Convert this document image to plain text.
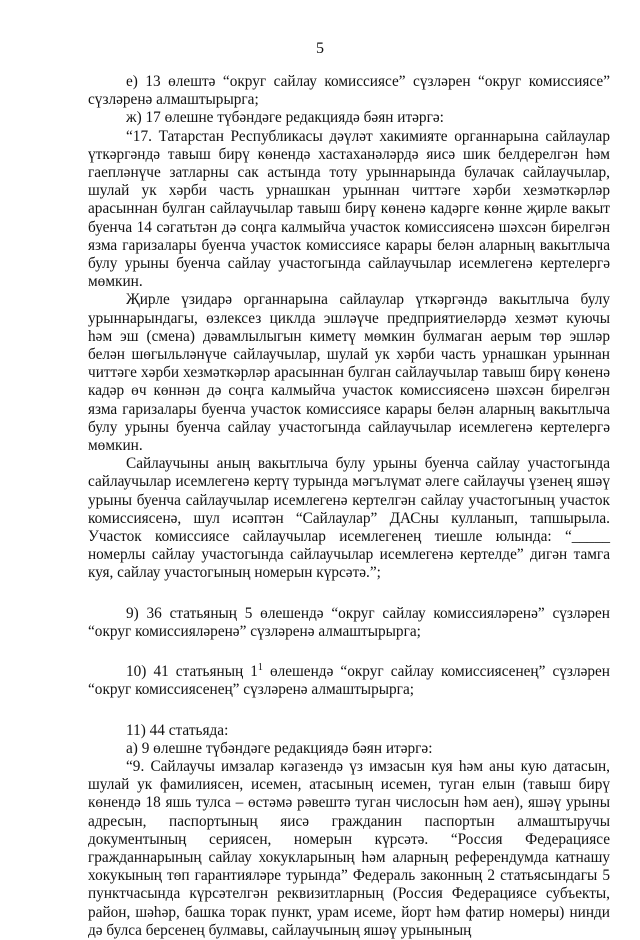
5

е) 13 өлештә “округ сайлау комиссиясе” сүзләрен “округ комиссиясе” сүзләренә алмаштырырга;

ж) 17 өлешне түбәндәге редакциядә бәян итәргә:

“17. Татарстан Республикасы дәүләт хакимияте органнарына сайлаулар үткәргәндә тавыш бирү көнендә хастаханәләрдә яисә шик белдерелгән һәм гаепләнүче затларны сак астында тоту урыннарында булачак сайлаучылар, шулай ук хәрби часть урнашкан урыннан читтәге хәрби хезмәткәрләр арасыннан булган сайлаучылар тавыш бирү көненә кадәрге көнне җирле вакыт буенча 14 сәгатьтән дә соңга калмыйча участок комиссиясенә шәхсән бирелгән язма гаризалары буенча участок комиссиясе карары белән аларның вакытлыча булу урыны буенча сайлау участогында сайлаучылар исемлегенә кертелергә мөмкин.

Җирле үзидарә органнарына сайлаулар үткәргәндә вакытлыча булу урыннарындагы, өзлексез циклда эшләүче предприятиеләрдә хезмәт куючы һәм эш (смена) дәвамлылыгын киметү мөмкин булмаган аерым төр эшләр белән шөгыльләнүче сайлаучылар, шулай ук хәрби часть урнашкан урыннан читтәге хәрби хезмәткәрләр арасыннан булган сайлаучылар тавыш бирү көненә кадәр өч көннән дә соңга калмыйча участок комиссиясенә шәхсән бирелгән язма гаризалары буенча участок комиссиясе карары белән аларның вакытлыча булу урыны буенча сайлау участогында сайлаучылар исемлегенә кертелергә мөмкин.

Сайлаучыны аның вакытлыча булу урыны буенча сайлау участогында сайлаучылар исемлегенә кертү турында мәгълүмат әлеге сайлаучы үзенең яшәү урыны буенча сайлаучылар исемлегенә кертелгән сайлау участогының участок комиссиясенә, шул исәптән “Сайлаулар” ДАСны кулланып, тапшырыла. Участок комиссиясе сайлаучылар исемлегенең тиешле юлында: “_____ номерлы сайлау участогында сайлаучылар исемлегенә кертелде” дигән тамга куя, сайлау участогының номерын күрсәтә.”;

9) 36 статьяның 5 өлешендә “округ сайлау комиссияләренә” сүзләрен “округ комиссияләренә” сүзләренә алмаштырырга;

10) 41 статьяның $1^1$ өлешендә “округ сайлау комиссиясенең” сүзләрен “округ комиссиясенең” сүзләренә алмаштырырга;

11) 44 статьяда:

а) 9 өлешне түбәндәге редакциядә бәян итәргә:

“9. Сайлаучы имзалар кәгазендә үз имзасын куя һәм аны кую датасын, шулай ук фамилиясен, исемен, атасының исемен, туган елын (тавыш бирү көнендә 18 яшь тулса – өстәмә рәвештә туган числосын һәм аен), яшәү урыны адресын, паспортының яисә гражданин паспортын алмаштыручы документының сериясен, номерын күрсәтә. “Россия Федерациясе гражданнарының сайлау хокукларының һәм аларның референдумда катнашу хокукының төп гарантияләре турында” Федераль законның 2 статьясындагы 5 пунктчасында күрсәтелгән реквизитларның (Россия Федерациясе субъекты, район, шәһәр, башка торак пункт, урам исеме, йорт һәм фатир номеры) нинди дә булса берсенең булмавы, сайлаучының яшәү урынының
